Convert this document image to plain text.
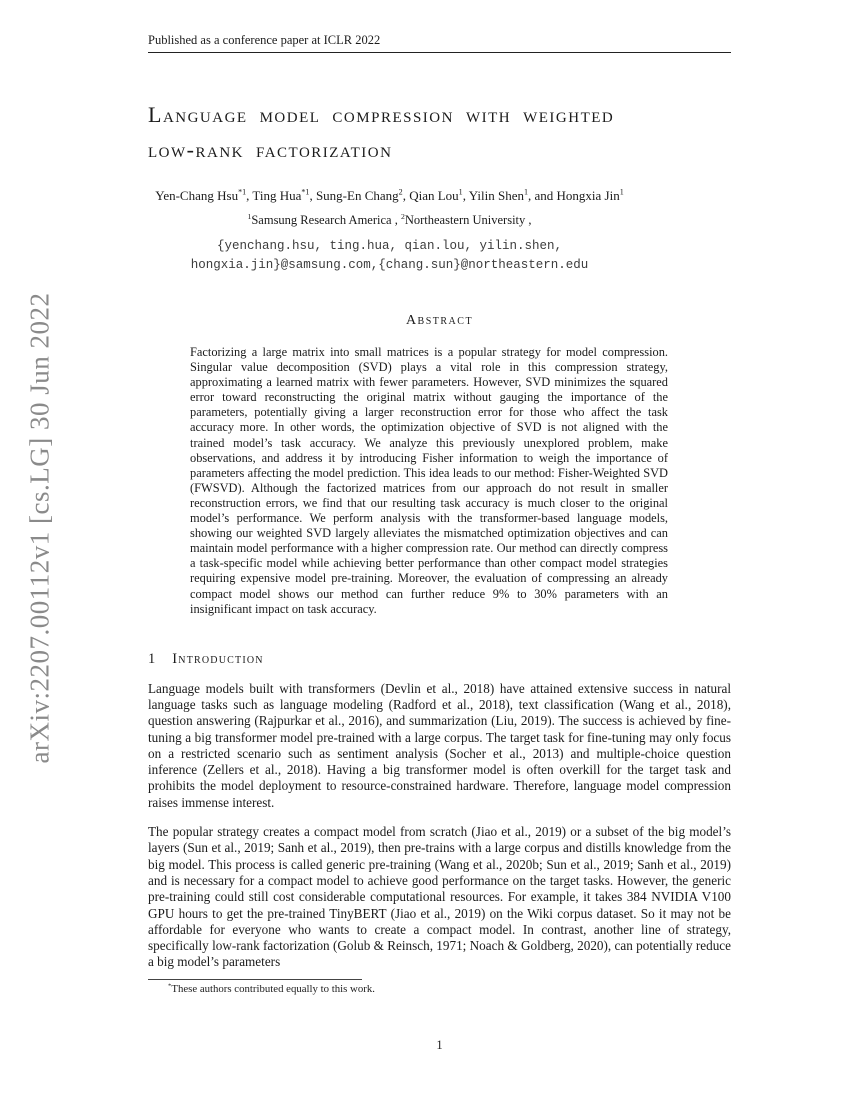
arXiv:2207.00112v1 [cs.LG] 30 Jun 2022
Published as a conference paper at ICLR 2022
Language model compression with weighted
low-rank factorization
Yen-Chang Hsu$^{*1}$, Ting Hua$^{*1}$, Sung-En Chang$^2$, Qian Lou$^1$, Yilin Shen$^1$, and Hongxia Jin$^1$
$^1$Samsung Research America , $^2$Northeastern University ,
{yenchang.hsu, ting.hua, qian.lou, yilin.shen,
hongxia.jin}@samsung.com,{chang.sun}@northeastern.edu
Abstract
Factorizing a large matrix into small matrices is a popular strategy for model compression. Singular value decomposition (SVD) plays a vital role in this compression strategy, approximating a learned matrix with fewer parameters. However, SVD minimizes the squared error toward reconstructing the original matrix without gauging the importance of the parameters, potentially giving a larger reconstruction error for those who affect the task accuracy more. In other words, the optimization objective of SVD is not aligned with the trained model’s task accuracy. We analyze this previously unexplored problem, make observations, and address it by introducing Fisher information to weigh the importance of parameters affecting the model prediction. This idea leads to our method: Fisher-Weighted SVD (FWSVD). Although the factorized matrices from our approach do not result in smaller reconstruction errors, we find that our resulting task accuracy is much closer to the original model’s performance. We perform analysis with the transformer-based language models, showing our weighted SVD largely alleviates the mismatched optimization objectives and can maintain model performance with a higher compression rate. Our method can directly compress a task-specific model while achieving better performance than other compact model strategies requiring expensive model pre-training. Moreover, the evaluation of compressing an already compact model shows our method can further reduce 9% to 30% parameters with an insignificant impact on task accuracy.
1 Introduction
Language models built with transformers (Devlin et al., 2018) have attained extensive success in natural language tasks such as language modeling (Radford et al., 2018), text classification (Wang et al., 2018), question answering (Rajpurkar et al., 2016), and summarization (Liu, 2019). The success is achieved by fine-tuning a big transformer model pre-trained with a large corpus. The target task for fine-tuning may only focus on a restricted scenario such as sentiment analysis (Socher et al., 2013) and multiple-choice question inference (Zellers et al., 2018). Having a big transformer model is often overkill for the target task and prohibits the model deployment to resource-constrained hardware. Therefore, language model compression raises immense interest.
The popular strategy creates a compact model from scratch (Jiao et al., 2019) or a subset of the big model’s layers (Sun et al., 2019; Sanh et al., 2019), then pre-trains with a large corpus and distills knowledge from the big model. This process is called generic pre-training (Wang et al., 2020b; Sun et al., 2019; Sanh et al., 2019) and is necessary for a compact model to achieve good performance on the target tasks. However, the generic pre-training could still cost considerable computational resources. For example, it takes 384 NVIDIA V100 GPU hours to get the pre-trained TinyBERT (Jiao et al., 2019) on the Wiki corpus dataset. So it may not be affordable for everyone who wants to create a compact model. In contrast, another line of strategy, specifically low-rank factorization (Golub & Reinsch, 1971; Noach & Goldberg, 2020), can potentially reduce a big model’s parameters
*These authors contributed equally to this work.
1
